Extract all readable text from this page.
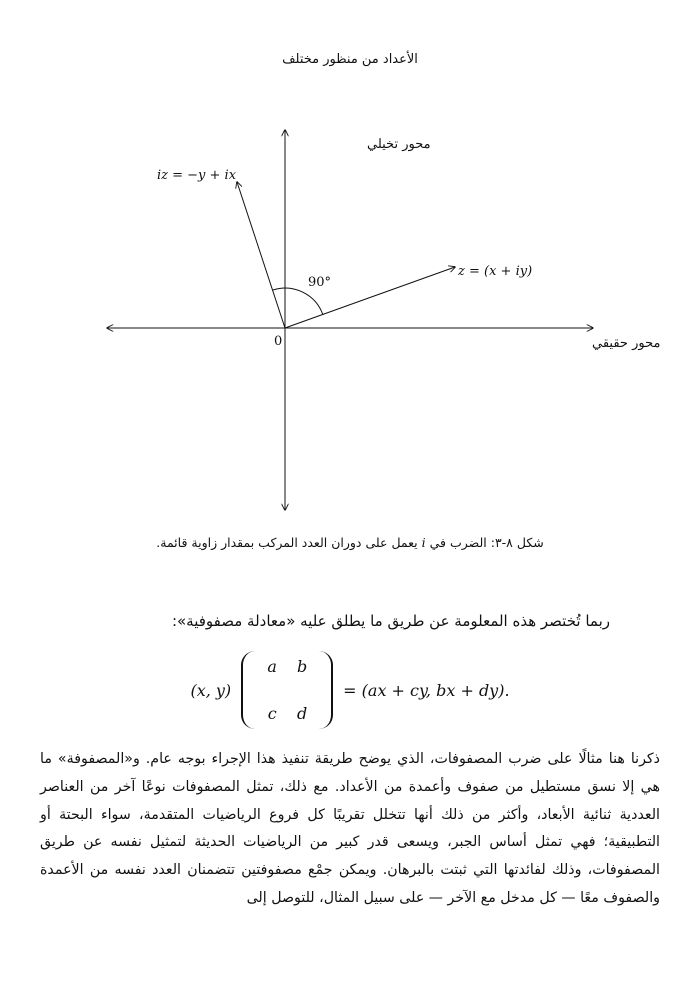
الأعداد من منظور مختلف
90°
0
محور تخيلي
محور حقيقي
z = (x + iy)
iz = −y + ix
شكل ٨-٣: الضرب في i يعمل على دوران العدد المركب بمقدار زاوية قائمة.
ربما تُختصر هذه المعلومة عن طريق ما يطلق عليه «معادلة مصفوفية»:
(x, y)
a	b
c	d
= (ax + cy, bx + dy).
ذكرنا هنا مثالًا على ضرب المصفوفات، الذي يوضح طريقة تنفيذ هذا الإجراء بوجه عام. و«المصفوفة» ما هي إلا نسق مستطيل من صفوف وأعمدة من الأعداد. مع ذلك، تمثل المصفوفات نوعًا آخر من العناصر العددية ثنائية الأبعاد، وأكثر من ذلك أنها تتخلل تقريبًا كل فروع الرياضيات المتقدمة، سواء البحتة أو التطبيقية؛ فهي تمثل أساس الجبر، ويسعى قدر كبير من الرياضيات الحديثة لتمثيل نفسه عن طريق المصفوفات، وذلك لفائدتها التي ثبتت بالبرهان. ويمكن جمْع مصفوفتين تتضمنان العدد نفسه من الأعمدة والصفوف معًا — كل مدخل مع الآخر — على سبيل المثال، للتوصل إلى
